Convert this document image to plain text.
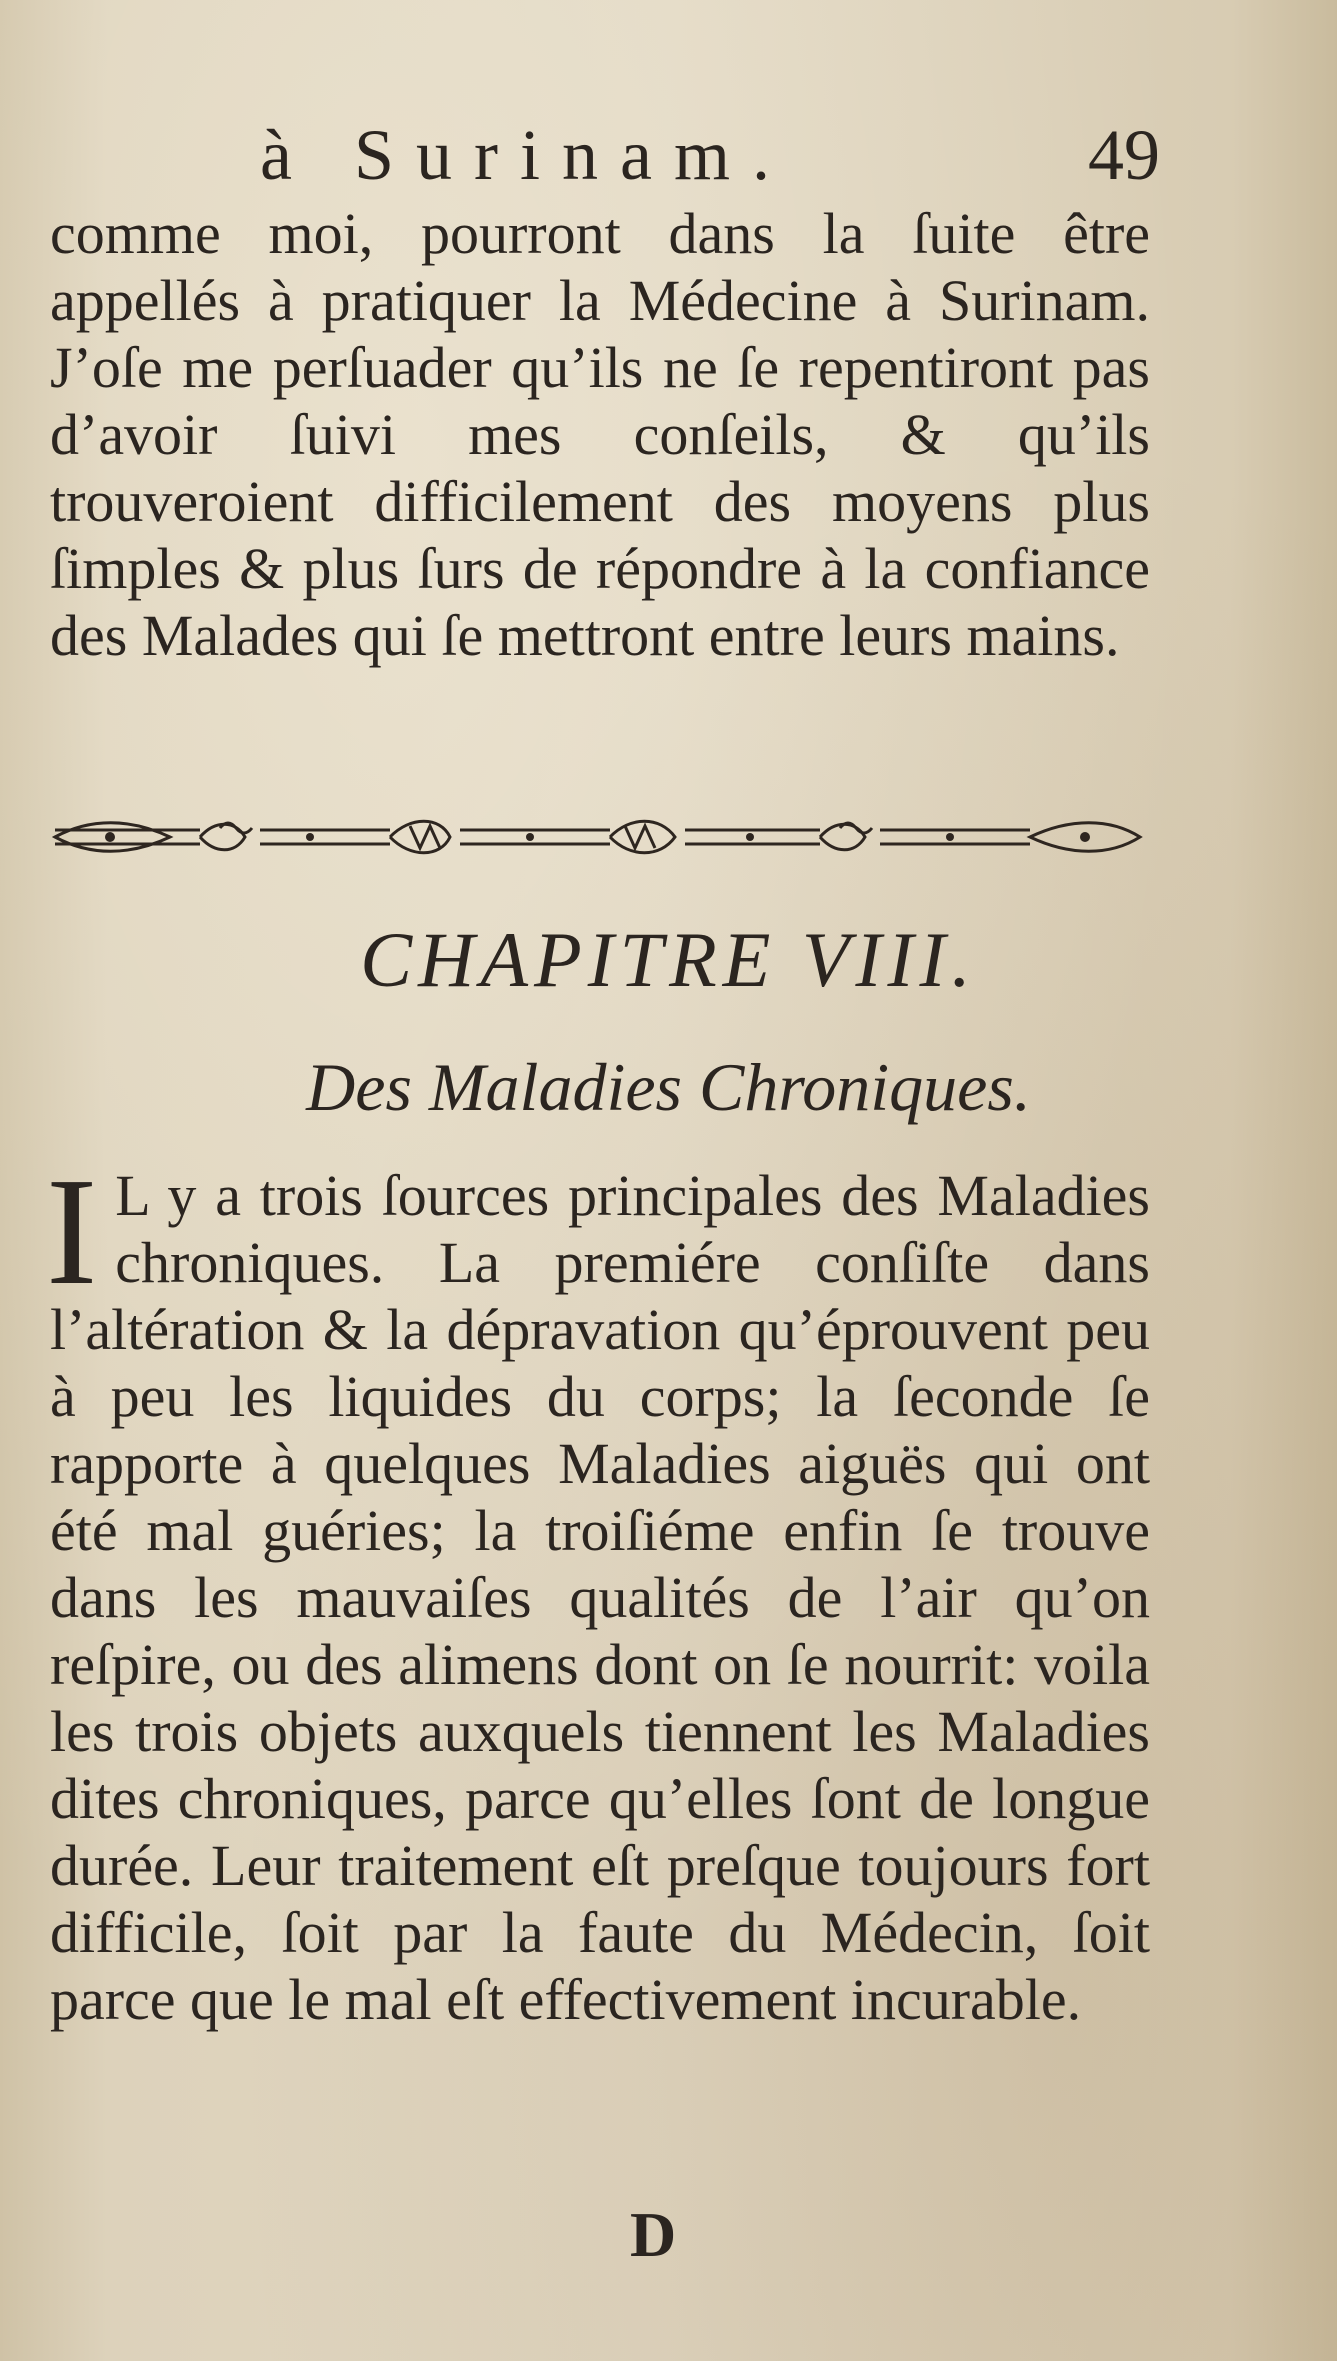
à Surinam.	49

comme moi, pourront dans la ſuite être appellés à pratiquer la Médecine à Surinam. J’oſe me perſuader qu’ils ne ſe repentiront pas d’avoir ſuivi mes conſeils, & qu’ils trouveroient difficilement des moyens plus ſimples & plus ſurs de répondre à la confiance des Malades qui ſe mettront entre leurs mains.

CHAPITRE VIII.
Des Maladies Chroniques.
I L y a trois ſources principales des Maladies chroniques. La premiére conſiſte dans l’altération & la dépravation qu’éprouvent peu à peu les liquides du corps; la ſeconde ſe rapporte à quelques Maladies aiguës qui ont été mal guéries; la troiſiéme enfin ſe trouve dans les mauvaiſes qualités de l’air qu’on reſpire, ou des alimens dont on ſe nourrit: voila les trois objets auxquels tiennent les Maladies dites chroniques, parce qu’elles ſont de longue durée. Leur traitement eſt preſque toujours fort difficile, ſoit par la faute du Médecin, ſoit parce que le mal eſt effectivement incurable.

D
